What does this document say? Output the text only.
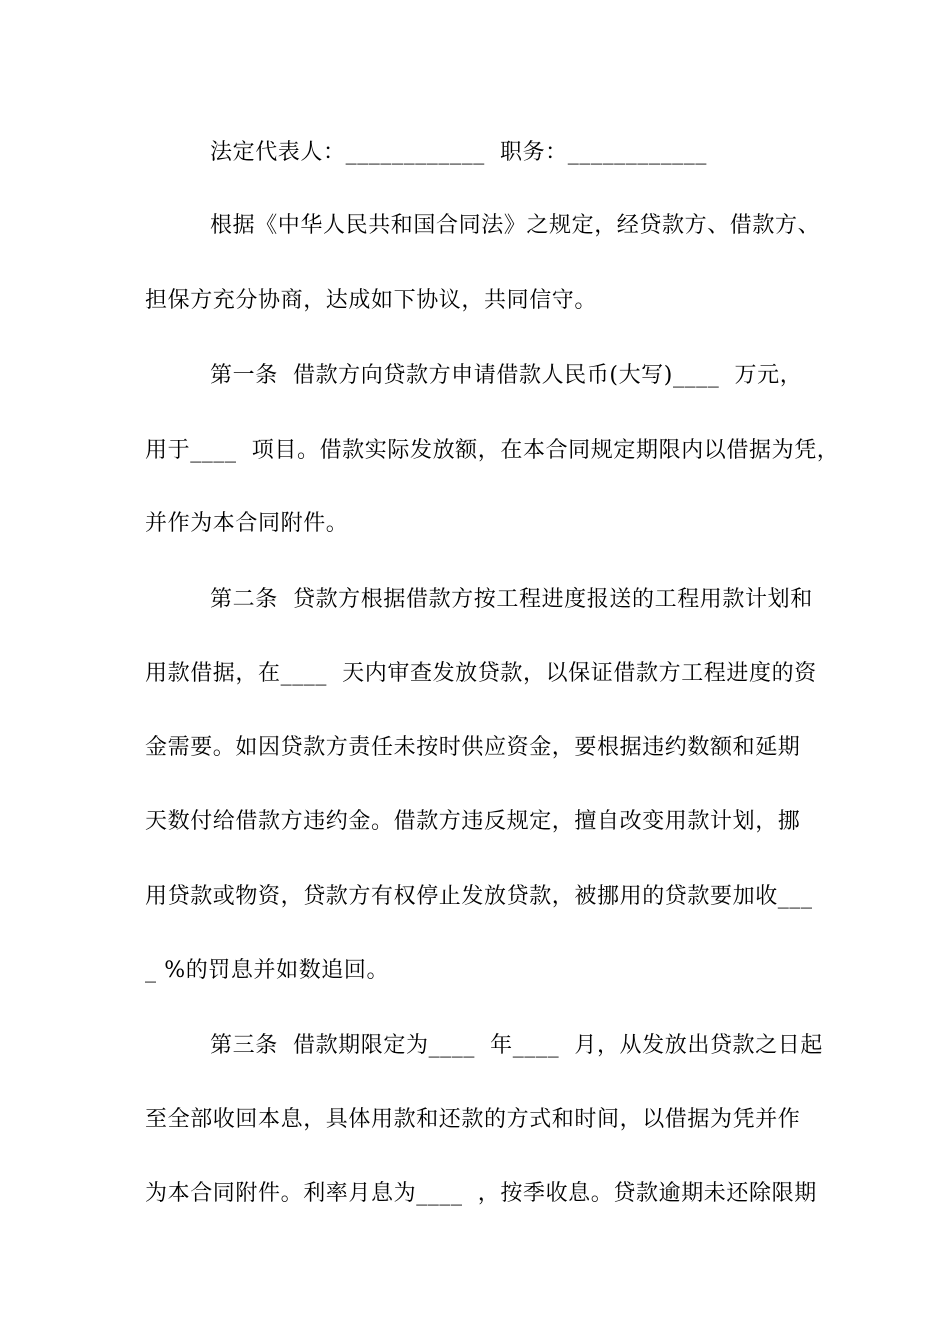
法定代表人：____________  职务：____________
根据《中华人民共和国合同法》之规定，经贷款方、借款方、
担保方充分协商，达成如下协议，共同信守。
第一条  借款方向贷款方申请借款人民币(大写)____  万元，
用于____  项目。借款实际发放额，在本合同规定期限内以借据为凭，
并作为本合同附件。
第二条  贷款方根据借款方按工程进度报送的工程用款计划和
用款借据，在____  天内审查发放贷款，以保证借款方工程进度的资
金需要。如因贷款方责任未按时供应资金，要根据违约数额和延期
天数付给借款方违约金。借款方违反规定，擅自改变用款计划，挪
用贷款或物资，贷款方有权停止发放贷款，被挪用的贷款要加收___
_ %的罚息并如数追回。
第三条  借款期限定为____  年____  月，从发放出贷款之日起
至全部收回本息，具体用款和还款的方式和时间，以借据为凭并作
为本合同附件。利率月息为____  ，按季收息。贷款逾期未还除限期
